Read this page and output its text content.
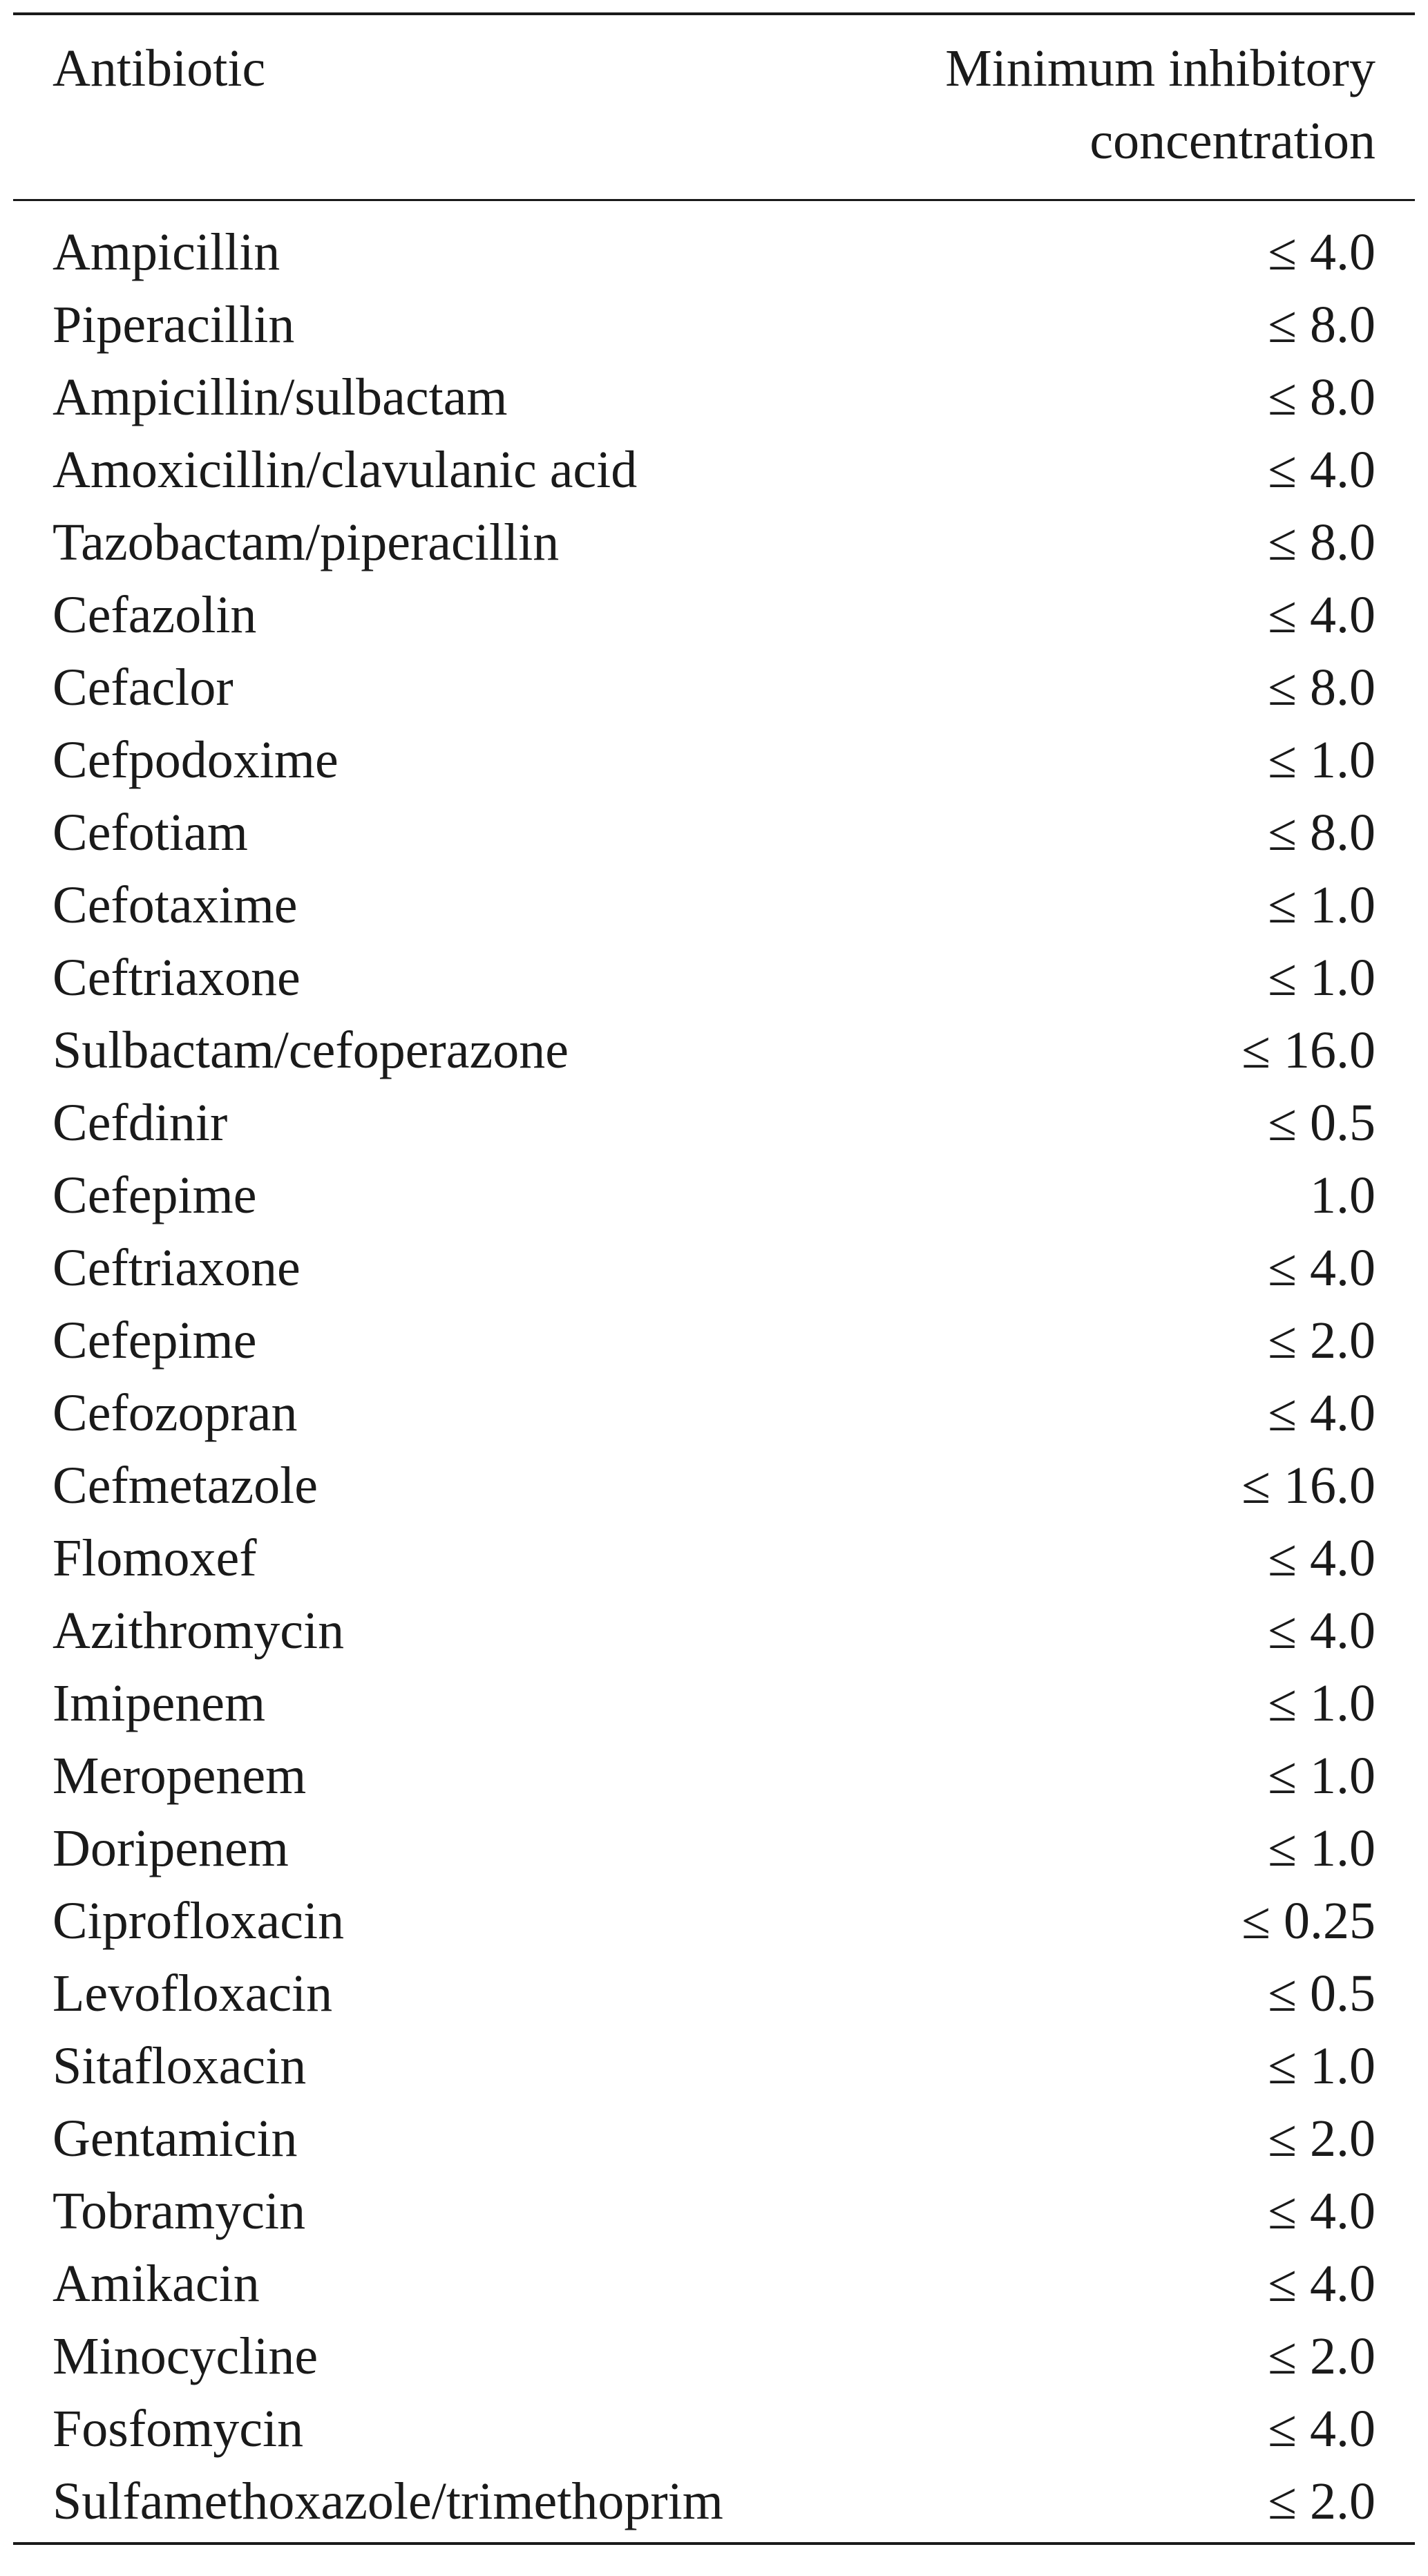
Antibiotic	Minimum inhibitory
concentration
Ampicillin	≤ 4.0
Piperacillin	≤ 8.0
Ampicillin/sulbactam	≤ 8.0
Amoxicillin/clavulanic acid	≤ 4.0
Tazobactam/piperacillin	≤ 8.0
Cefazolin	≤ 4.0
Cefaclor	≤ 8.0
Cefpodoxime	≤ 1.0
Cefotiam	≤ 8.0
Cefotaxime	≤ 1.0
Ceftriaxone	≤ 1.0
Sulbactam/cefoperazone	≤ 16.0
Cefdinir	≤ 0.5
Cefepime	1.0
Ceftriaxone	≤ 4.0
Cefepime	≤ 2.0
Cefozopran	≤ 4.0
Cefmetazole	≤ 16.0
Flomoxef	≤ 4.0
Azithromycin	≤ 4.0
Imipenem	≤ 1.0
Meropenem	≤ 1.0
Doripenem	≤ 1.0
Ciprofloxacin	≤ 0.25
Levofloxacin	≤ 0.5
Sitafloxacin	≤ 1.0
Gentamicin	≤ 2.0
Tobramycin	≤ 4.0
Amikacin	≤ 4.0
Minocycline	≤ 2.0
Fosfomycin	≤ 4.0
Sulfamethoxazole/trimethoprim	≤ 2.0
